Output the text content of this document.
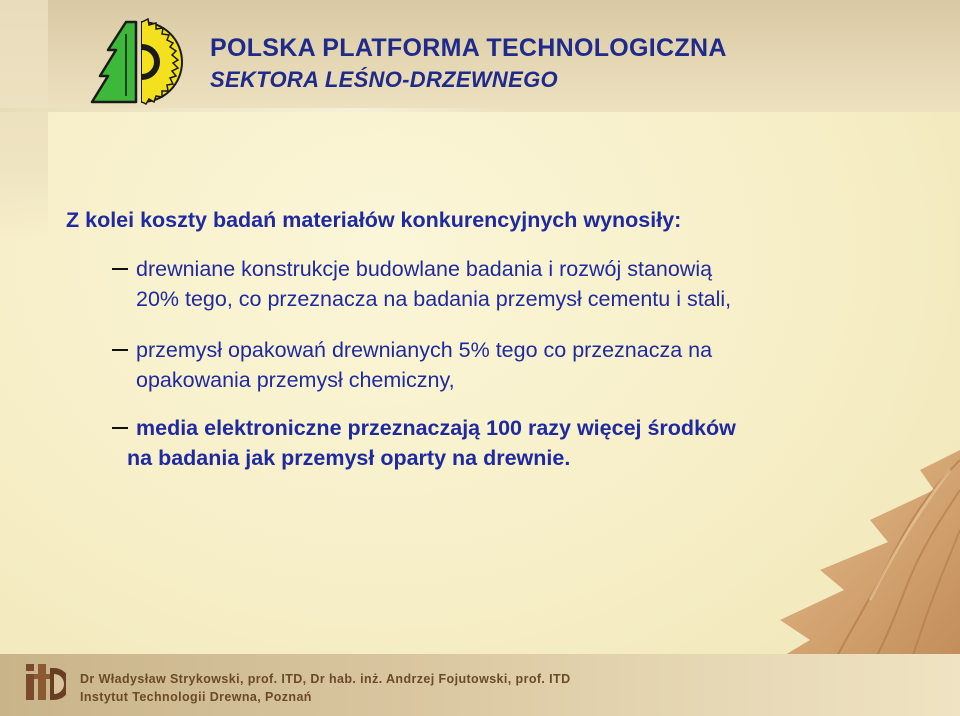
POLSKA PLATFORMA TECHNOLOGICZNA
SEKTORA LEŚNO-DRZEWNEGO
Z kolei koszty badań materiałów konkurencyjnych wynosiły:
drewniane konstrukcje budowlane badania i rozwój stanowią
20% tego, co przeznacza na badania przemysł cementu i stali,
przemysł opakowań drewnianych 5% tego co przeznacza na
opakowania przemysł chemiczny,
media elektroniczne przeznaczają 100 razy więcej środków
na badania jak przemysł oparty na drewnie.
Dr Władysław Strykowski, prof. ITD, Dr hab. inż. Andrzej Fojutowski, prof. ITD
Instytut Technologii Drewna, Poznań
